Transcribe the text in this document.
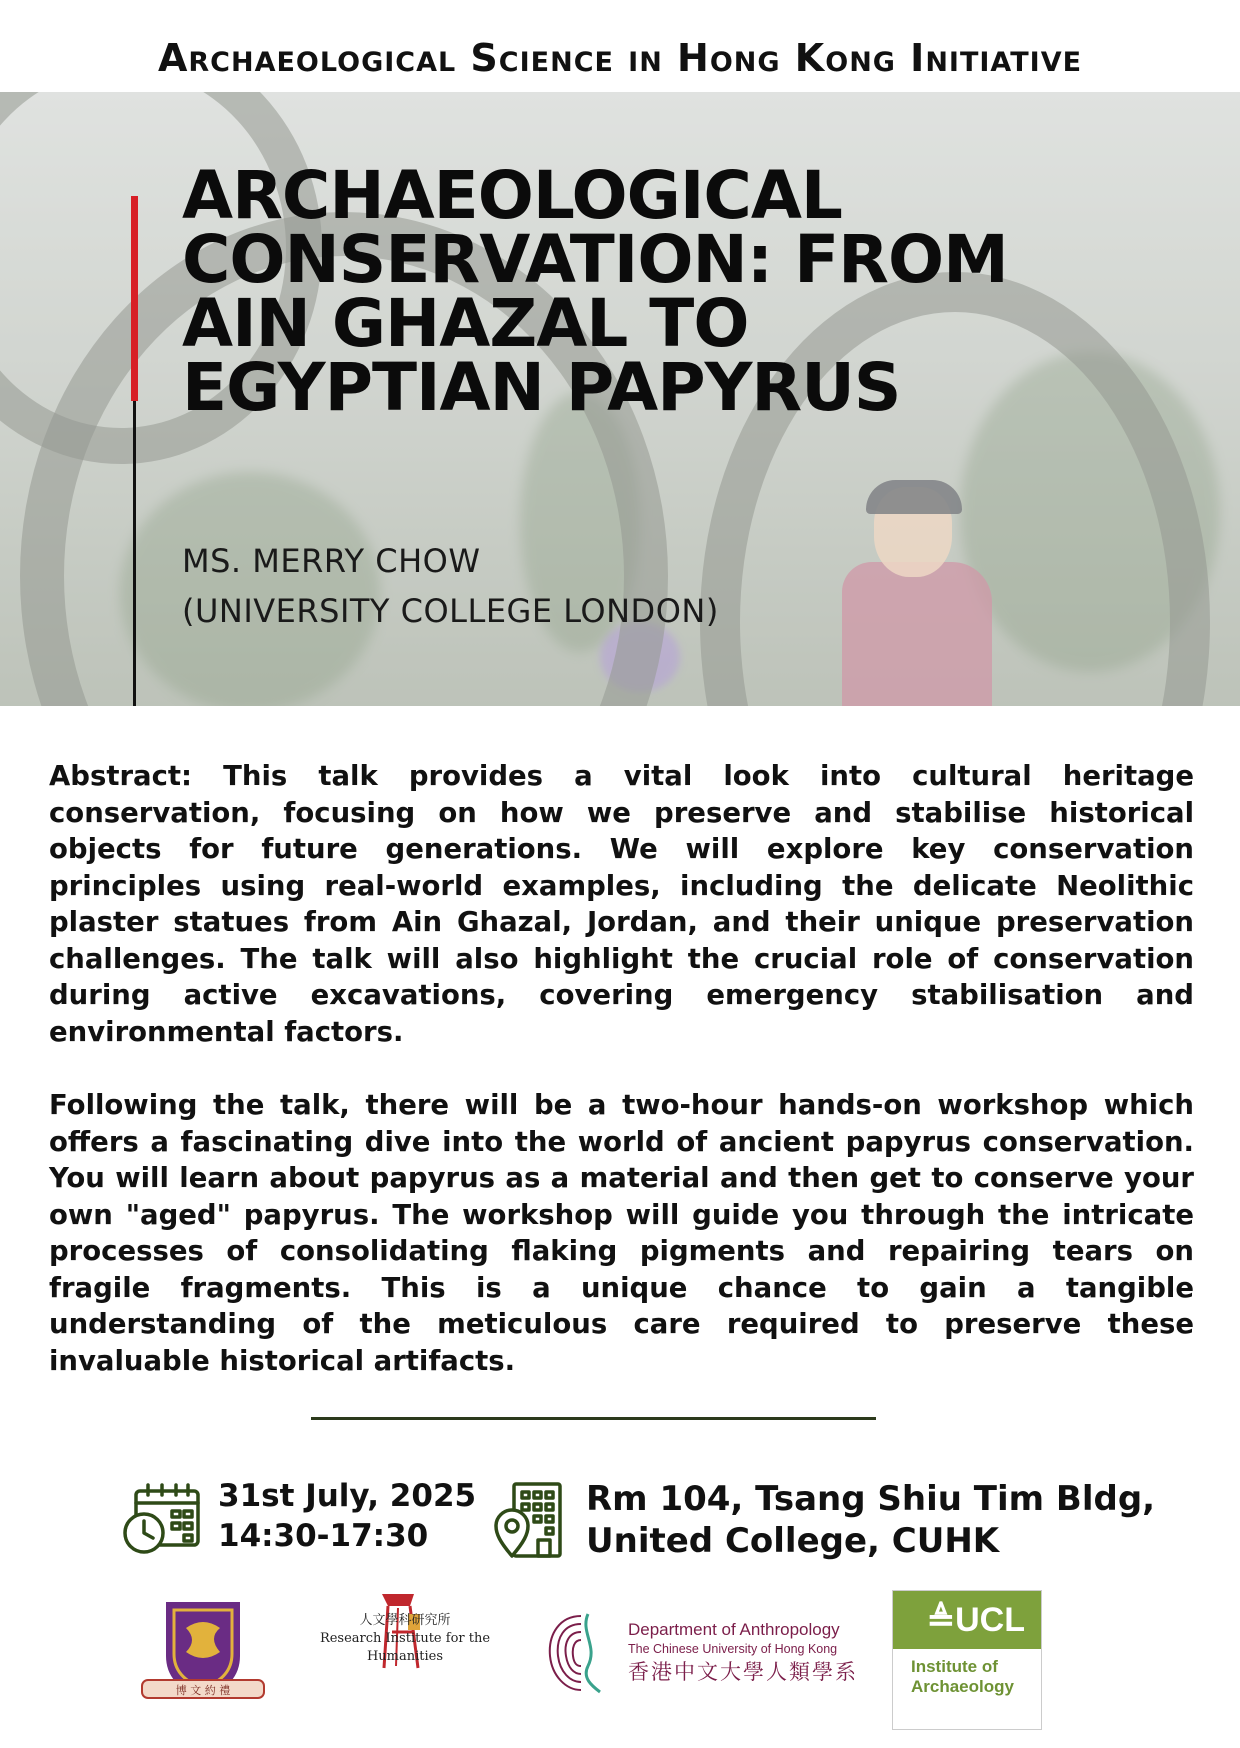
Archaeological Science in Hong Kong Initiative
ARCHAEOLOGICAL
CONSERVATION: FROM
AIN GHAZAL TO
EGYPTIAN PAPYRUS
MS. MERRY CHOW
(UNIVERSITY COLLEGE LONDON)

Abstract: This talk provides a vital look into cultural heritage conservation, focusing on how we preserve and stabilise historical objects for future generations. We will explore key conservation principles using real-world examples, including the delicate Neolithic plaster statues from Ain Ghazal, Jordan, and their unique preservation challenges. The talk will also highlight the crucial role of conservation during active excavations, covering emergency stabilisation and environmental factors.

Following the talk, there will be a two-hour hands-on workshop which offers a fascinating dive into the world of ancient papyrus conservation. You will learn about papyrus as a material and then get to conserve your own "aged" papyrus. The workshop will guide you through the intricate processes of consolidating flaking pigments and repairing tears on fragile fragments. This is a unique chance to gain a tangible understanding of the meticulous care required to preserve these invaluable historical artifacts.

31st July, 2025
14:30-17:30
Rm 104, Tsang Shiu Tim Bldg,
United College, CUHK
博 文 約 禮
人文學科研究所
Research Institute for the Humanities
Department of Anthropology
The Chinese University of Hong Kong
香港中文大學人類學系
≜UCL
Institute of Archaeology
